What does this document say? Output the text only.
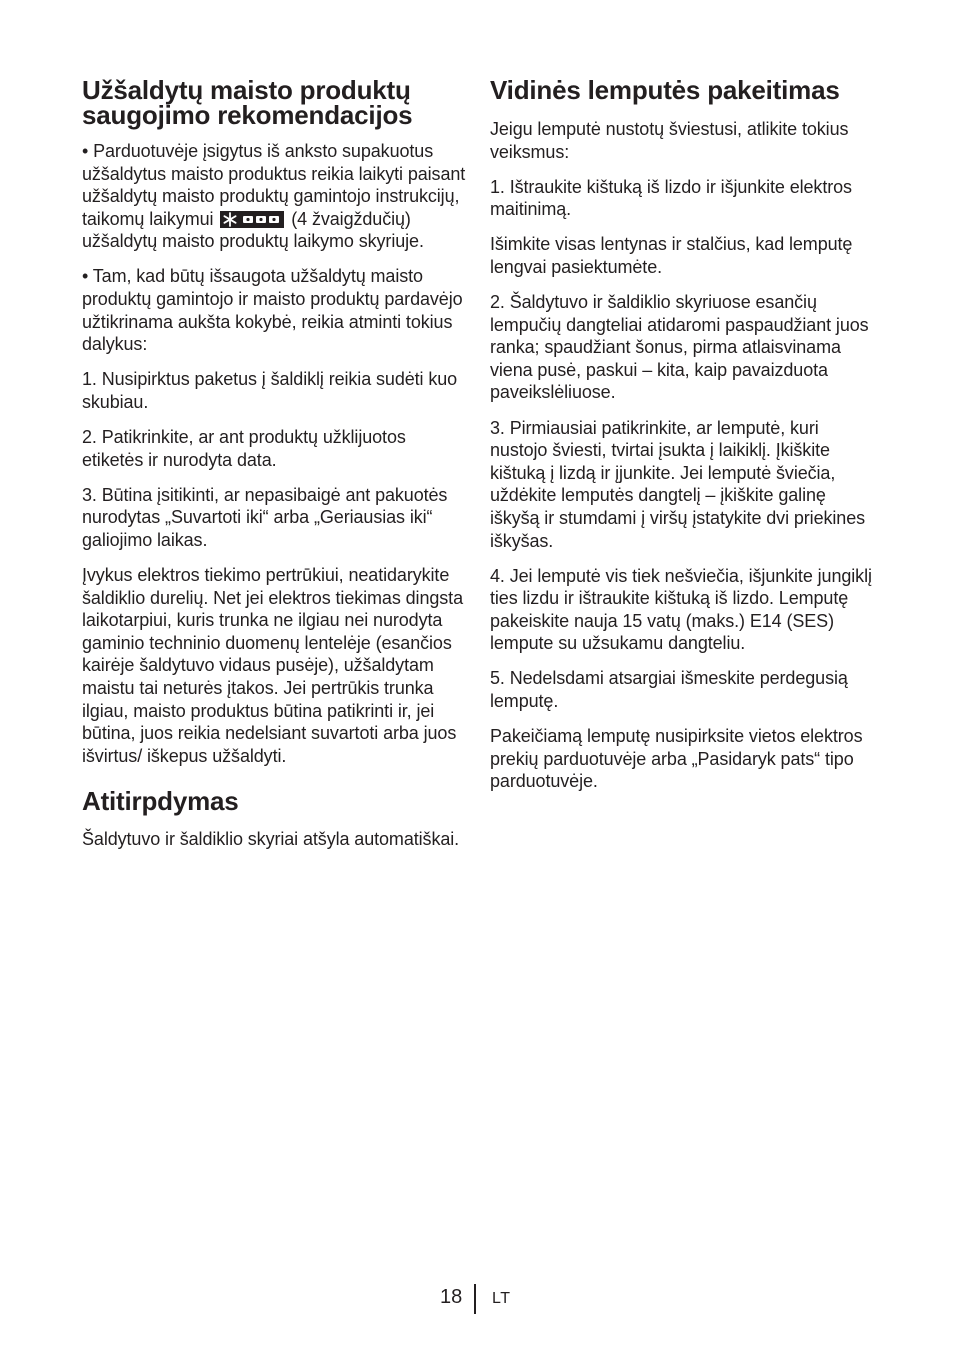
Užšaldytų maisto produktų saugojimo rekomendacijos

• Parduotuvėje įsigytus iš anksto supakuotus užšaldytus maisto produktus reikia laikyti paisant užšaldytų maisto produktų gamintojo instrukcijų, taikomų laikymui	(4 žvaigždučių) užšaldytų maisto produktų laikymo skyriuje.

• Tam, kad būtų išsaugota užšaldytų maisto produktų gamintojo ir maisto produktų pardavėjo užtikrinama aukšta kokybė, reikia atminti tokius dalykus:

1. Nusipirktus paketus į šaldiklį reikia sudėti kuo skubiau.

2. Patikrinkite, ar ant produktų užklijuotos etiketės ir nurodyta data.

3. Būtina įsitikinti, ar nepasibaigė ant pakuotės nurodytas „Suvartoti iki“ arba „Geriausias iki“ galiojimo laikas.

Įvykus elektros tiekimo pertrūkiui, neatidarykite šaldiklio durelių. Net jei elektros tiekimas dingsta laikotarpiui, kuris trunka ne ilgiau nei nurodyta gaminio techninio duomenų lentelėje (esančios kairėje šaldytuvo vidaus pusėje), užšaldytam maistu tai neturės įtakos. Jei pertrūkis trunka ilgiau, maisto produktus būtina patikrinti ir, jei būtina, juos reikia nedelsiant suvartoti arba juos išvirtus/ iškepus užšaldyti.

Atitirpdymas

Šaldytuvo ir šaldiklio skyriai atšyla automatiškai.

Vidinės lemputės pakeitimas

Jeigu lemputė nustotų šviestusi, atlikite tokius veiksmus:

1. Ištraukite kištuką iš lizdo ir išjunkite elektros maitinimą.

Išimkite visas lentynas ir stalčius, kad lemputę lengvai pasiektumėte.

2. Šaldytuvo ir šaldiklio skyriuose esančių lempučių dangteliai atidaromi paspaudžiant juos ranka; spaudžiant šonus, pirma atlaisvinama viena pusė, paskui – kita, kaip pavaizduota paveikslėliuose.

3. Pirmiausiai patikrinkite, ar lemputė, kuri nustojo šviesti, tvirtai įsukta į laikiklį. Įkiškite kištuką į lizdą ir įjunkite. Jei lemputė šviečia, uždėkite lemputės dangtelį – įkiškite galinę iškyšą ir stumdami į viršų įstatykite dvi priekines iškyšas.

4. Jei lemputė vis tiek nešviečia, išjunkite jungiklį ties lizdu ir ištraukite kištuką iš lizdo. Lemputę pakeiskite nauja 15 vatų (maks.) E14 (SES) lempute su užsukamu dangteliu.

5. Nedelsdami atsargiai išmeskite perdegusią lemputę.

Pakeičiamą lemputę nusipirksite vietos elektros prekių parduotuvėje arba „Pasidaryk pats“ tipo parduotuvėje.

18 LT
